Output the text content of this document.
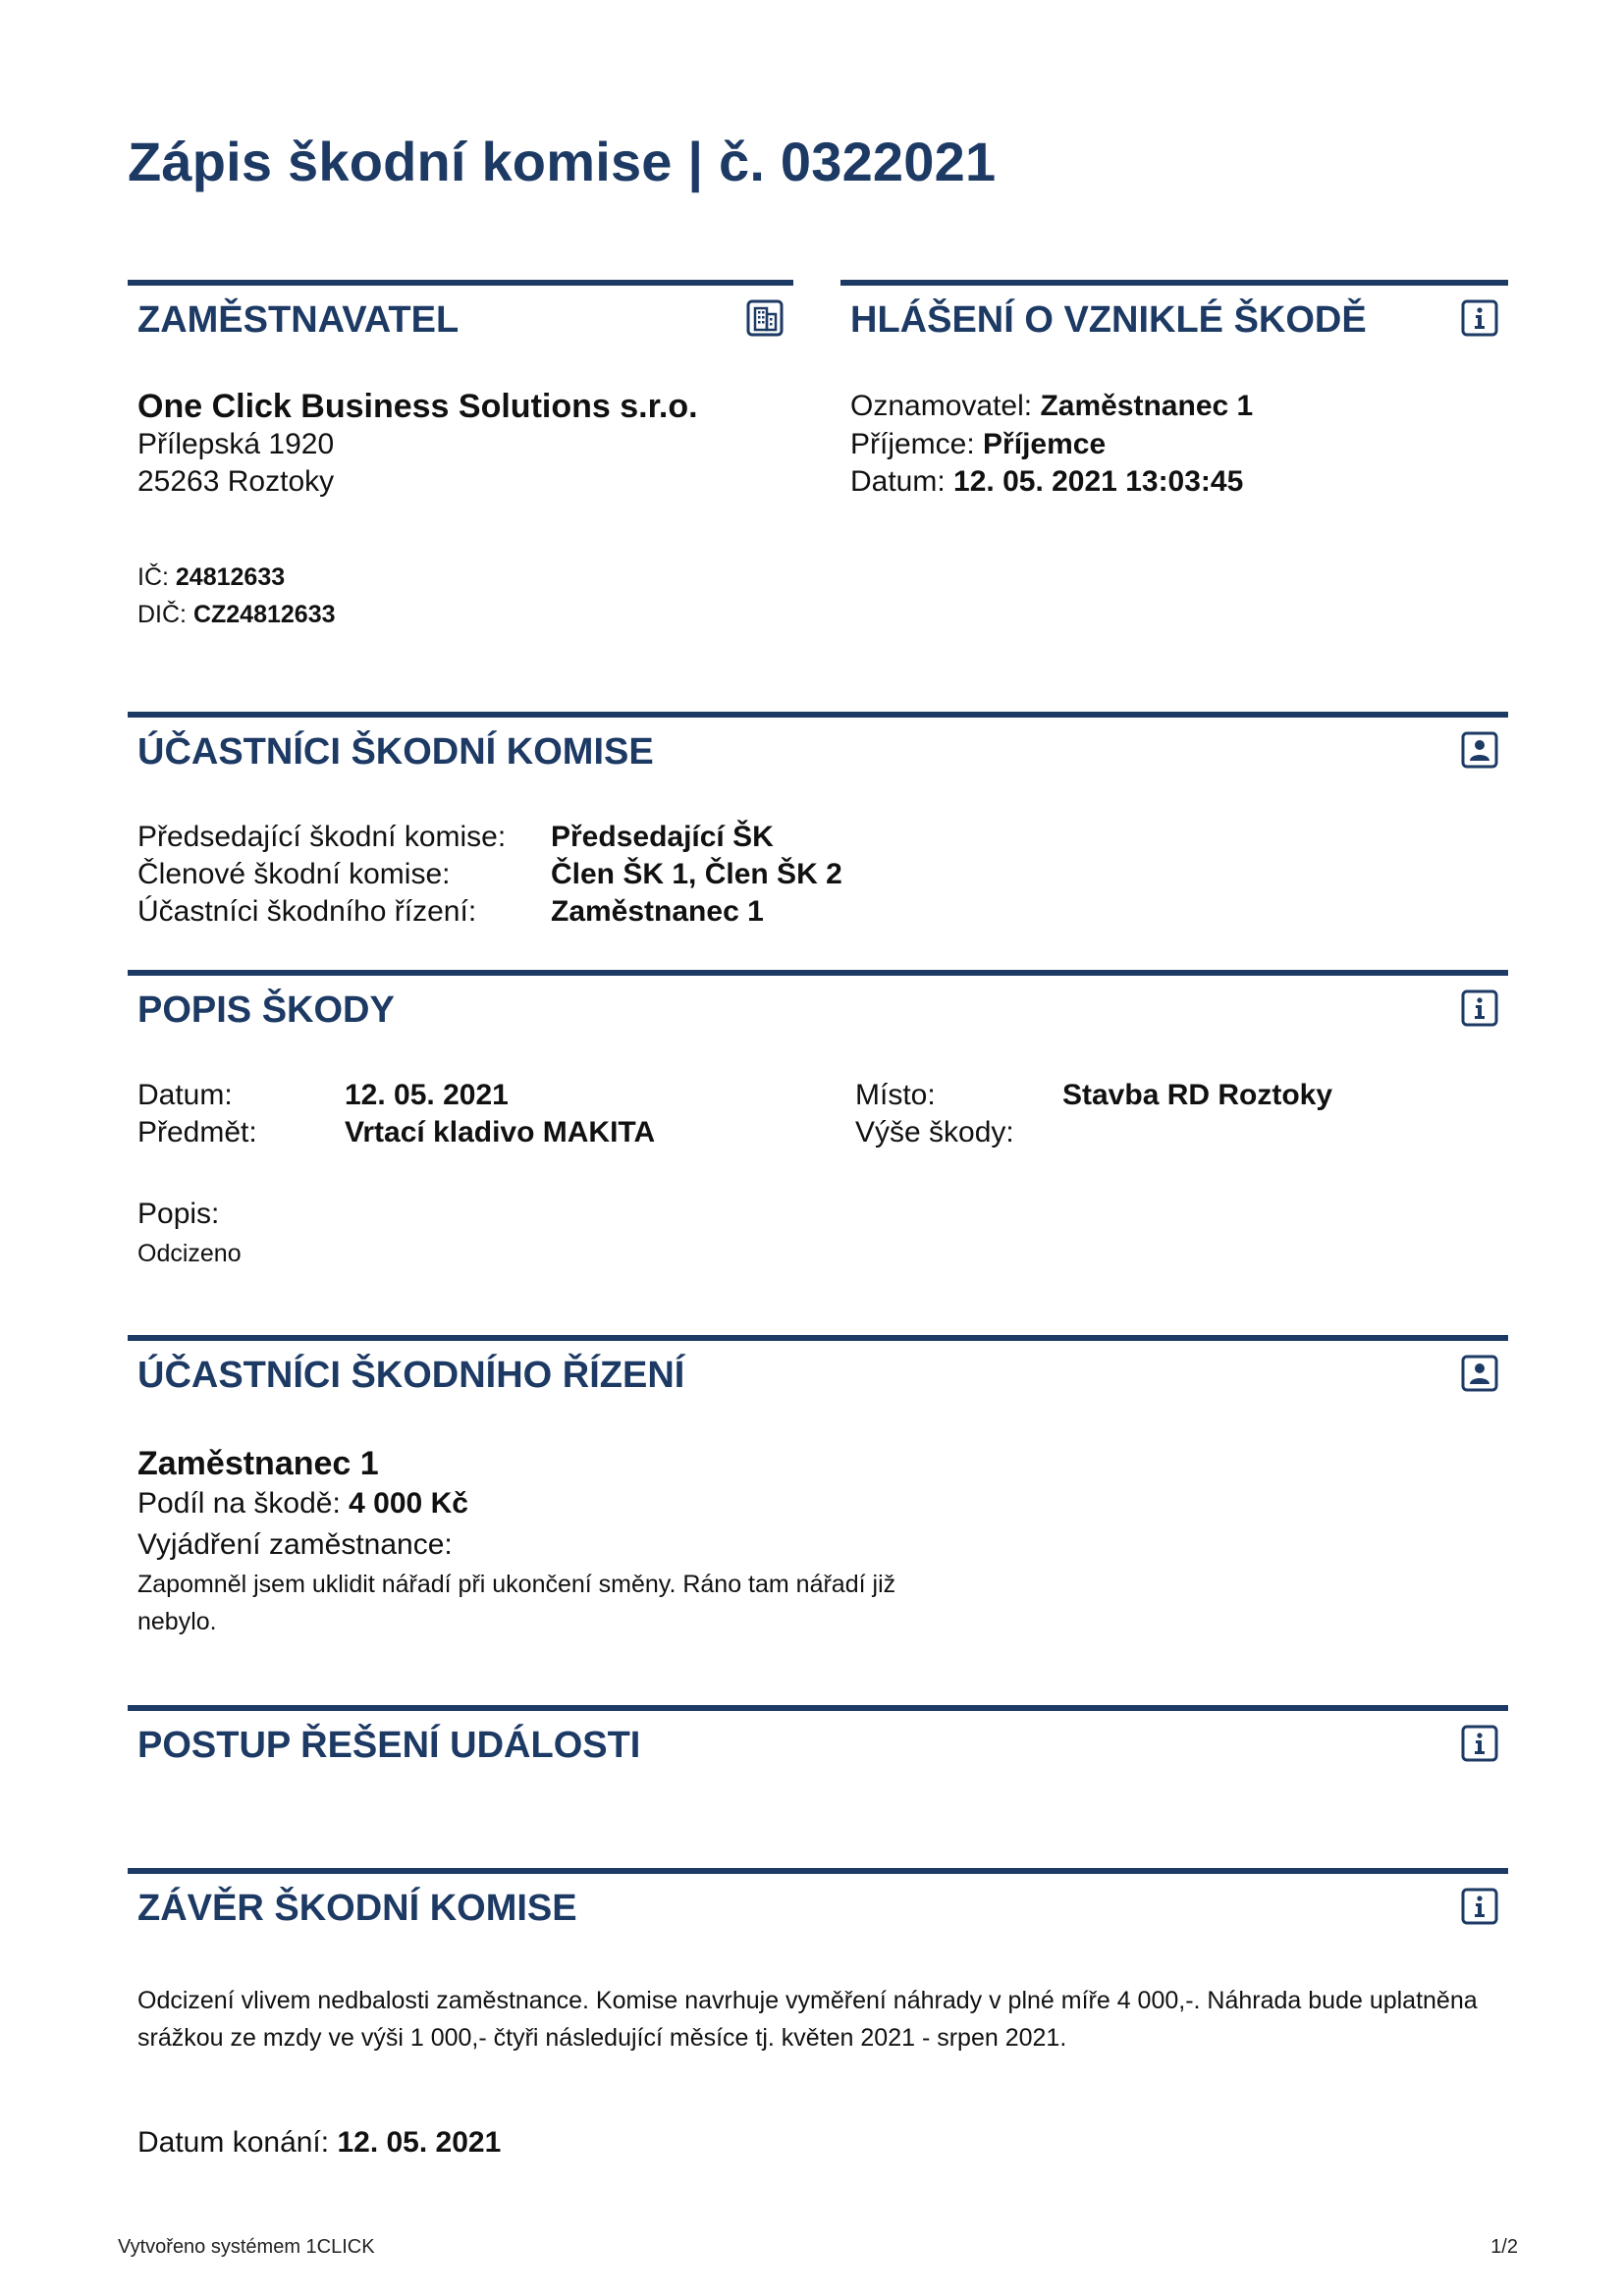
Zápis škodní komise | č. 0322021
ZAMĚSTNAVATEL
One Click Business Solutions s.r.o.
Přílepská 1920
25263 Roztoky
IČ: 24812633
DIČ: CZ24812633
HLÁŠENÍ O VZNIKLÉ ŠKODĚ
Oznamovatel: Zaměstnanec 1
Příjemce: Příjemce
Datum: 12. 05. 2021 13:03:45
ÚČASTNÍCI ŠKODNÍ KOMISE
Předsedající škodní komise: Předsedající ŠK
Členové škodní komise:	Člen ŠK 1, Člen ŠK 2
Účastníci škodního řízení:	Zaměstnanec 1
POPIS ŠKODY
Datum:	12. 05. 2021
Předmět:	Vrtací kladivo MAKITA
Místo:	Stavba RD Roztoky
Výše škody:
Popis:
Odcizeno
ÚČASTNÍCI ŠKODNÍHO ŘÍZENÍ
Zaměstnanec 1
Podíl na škodě: 4 000 Kč
Vyjádření zaměstnance:
Zapomněl jsem uklidit nářadí při ukončení směny. Ráno tam nářadí již
nebylo.
POSTUP ŘEŠENÍ UDÁLOSTI
ZÁVĚR ŠKODNÍ KOMISE
Odcizení vlivem nedbalosti zaměstnance. Komise navrhuje vyměření náhrady v plné míře 4 000,-. Náhrada bude uplatněna
srážkou ze mzdy ve výši 1 000,- čtyři následující měsíce tj. květen 2021 - srpen 2021.
Datum konání: 12. 05. 2021
Vytvořeno systémem 1CLICK	1/2
